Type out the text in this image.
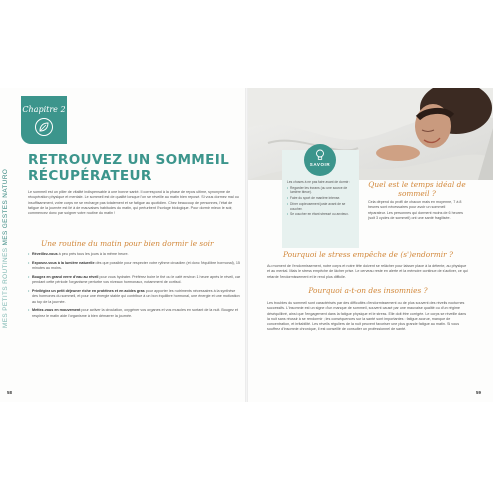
MES PETITS ROUTINES MES GESTES NATURO
Chapitre 2
RETROUVEZ UN SOMMEIL RÉCUPÉRATEUR
Le sommeil est un pilier de vitalité indispensable à une bonne santé. Il correspond à la phase de repos ultime, synonyme de récupération physique et mentale. Le sommeil est de qualité lorsque l'on se réveille au matin bien reposé. Si vous dormez mal ou insuffisamment, votre corps ne se recharge pas totalement et se fatigue au quotidien. Chez beaucoup de personnes, l'état de fatigue de la journée est lié à de mauvaises habitudes du matin, qui perturbent l'horloge biologique. Pour dormir mieux le soir, commencez donc par soigner votre routine du matin !
Une routine du matin pour bien dormir le soir
• Réveillez-vous à peu près tous les jours à la même heure.
• Exposez-vous à la lumière naturelle dès que possible pour respecter votre rythme circadien (et donc l'équilibre hormonal), 15 minutes au moins.
• Bougez en grand verre d'eau au réveil pour vous hydrater. Préférez boire le thé ou le café environ 1 heure après le réveil, car pendant cette période l'organisme perturbe vos niveaux hormonaux, notamment de cortisol.
• Privilégiez un petit déjeuner riche en protéines et en acides gras pour apporter les nutriments nécessaires à la synthèse des hormones du sommeil, et pour une énergie stable qui contribue à un bon équilibre hormonal, une énergie et une motivation au top de la journée.
• Mettez-vous en mouvement pour activer la circulation, oxygéner vos organes et vos muscles en sortant de la nuit. Bougez et respirez le matin aide l'organisme à bien démarrer la journée.
58
SAVOIR
Les choses à ne pas faire avant de dormir :
• Regarder les écrans (ou une source de lumière bleue).
• Faire du sport de manière intense.
• Dîner copieusement juste avant de se coucher.
• Se coucher en étant stressé ou anxieux.
Quel est le temps idéal de sommeil ?
Cela dépend du profil de chacun mais en moyenne, 7 à 8 heures sont nécessaires pour avoir un sommeil réparateur. Les personnes qui dorment moins de 6 heures (soit 3 cycles de sommeil) ont une santé fragilisée.
Pourquoi le stress empêche de (s')endormir ?
Au moment de l'endormissement, notre corps et notre tête doivent se relâcher pour laisser place à la détente, au physique et au mental. Mais le stress empêche de lâcher prise. Le cerveau reste en alerte et la mémoire continue de s'activer, ce qui retarde l'endormissement et le rend plus difficile.
Pourquoi a-t-on des insomnies ?
Les troubles du sommeil sont caractérisés par des difficultés d'endormissement ou de plus souvent des réveils nocturnes successifs. L'insomnie est un signe d'un manque de sommeil, souvent causé par une mauvaise qualité ou d'un régime déséquilibré, ainsi que l'engagement dans la fatigue physique et le stress. Elle doit être corrigée. Le corps se réveille dans la nuit sans réussir à se rendormir ; les conséquences sur la santé sont importantes : fatigue accrue, manque de concentration, et irritabilité. Les réveils réguliers de la nuit peuvent favoriser une plus grande fatigue au matin. Si vous souffrez d'insomnie chronique, il est conseillé de consulter un professionnel de santé.
59
